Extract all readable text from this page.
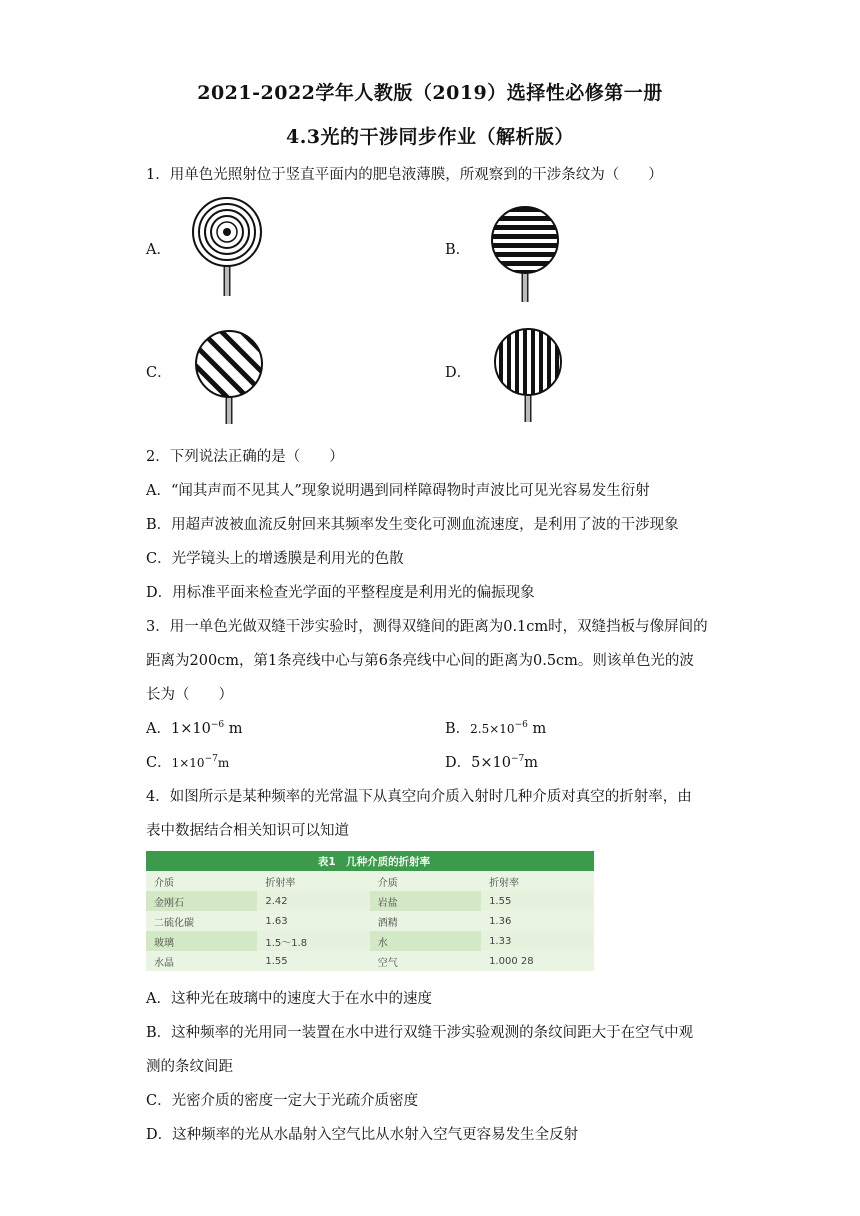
2021-2022学年人教版（2019）选择性必修第一册
4.3光的干涉同步作业（解析版）
1．用单色光照射位于竖直平面内的肥皂液薄膜，所观察到的干涉条纹为（　　）
A．	B．
C．	D．
2．下列说法正确的是（　　）
A．“闻其声而不见其人”现象说明遇到同样障碍物时声波比可见光容易发生衍射
B．用超声波被血流反射回来其频率发生变化可测血流速度，是利用了波的干涉现象
C．光学镜头上的增透膜是利用光的色散
D．用标准平面来检查光学面的平整程度是利用光的偏振现象
3．用一单色光做双缝干涉实验时，测得双缝间的距离为0.1cm时，双缝挡板与像屏间的
距离为200cm，第1条亮线中心与第6条亮线中心间的距离为0.5cm。则该单色光的波
长为（　　）
A．$1\times 10^{-6}$ m	B．$2.5\times 10^{-6}$ m
C．$1\times 10^{-7}m$	D．$5\times 10^{-7}m$
4．如图所示是某种频率的光常温下从真空向介质入射时几种介质对真空的折射率，由
表中数据结合相关知识可以知道
表1　几种介质的折射率			
介质	折射率	介质	折射率
金刚石	2.42	岩盐	1.55
二硫化碳	1.63	酒精	1.36
玻璃	1.5～1.8	水	1.33
水晶	1.55	空气	1.000 28
A．这种光在玻璃中的速度大于在水中的速度
B．这种频率的光用同一装置在水中进行双缝干涉实验观测的条纹间距大于在空气中观
测的条纹间距
C．光密介质的密度一定大于光疏介质密度
D．这种频率的光从水晶射入空气比从水射入空气更容易发生全反射
